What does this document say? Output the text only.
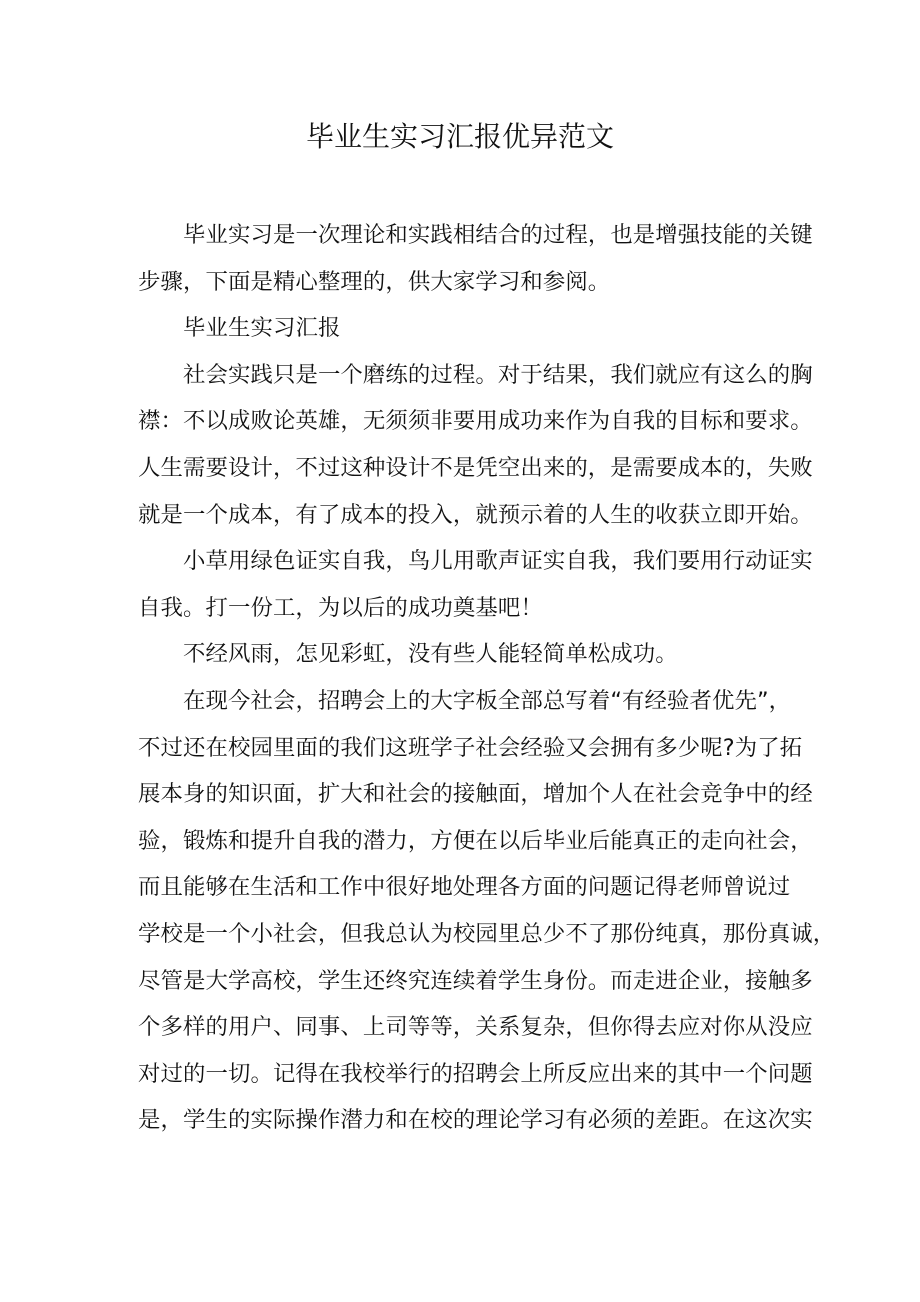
毕业生实习汇报优异范文
毕业实习是一次理论和实践相结合的过程，也是增强技能的关键
步骤，下面是精心整理的，供大家学习和参阅。
毕业生实习汇报
社会实践只是一个磨练的过程。对于结果，我们就应有这么的胸
襟：不以成败论英雄，无须须非要用成功来作为自我的目标和要求。
人生需要设计，不过这种设计不是凭空出来的，是需要成本的，失败
就是一个成本，有了成本的投入，就预示着的人生的收获立即开始。
小草用绿色证实自我，鸟儿用歌声证实自我，我们要用行动证实
自我。打一份工，为以后的成功奠基吧！
不经风雨，怎见彩虹，没有些人能轻简单松成功。
在现今社会，招聘会上的大字板全部总写着“有经验者优先”，
不过还在校园里面的我们这班学子社会经验又会拥有多少呢?为了拓
展本身的知识面，扩大和社会的接触面，增加个人在社会竞争中的经
验，锻炼和提升自我的潜力，方便在以后毕业后能真正的走向社会，
而且能够在生活和工作中很好地处理各方面的问题记得老师曾说过
学校是一个小社会，但我总认为校园里总少不了那份纯真，那份真诚，
尽管是大学高校，学生还终究连续着学生身份。而走进企业，接触多
个多样的用户、同事、上司等等，关系复杂，但你得去应对你从没应
对过的一切。记得在我校举行的招聘会上所反应出来的其中一个问题
是，学生的实际操作潜力和在校的理论学习有必须的差距。在这次实
